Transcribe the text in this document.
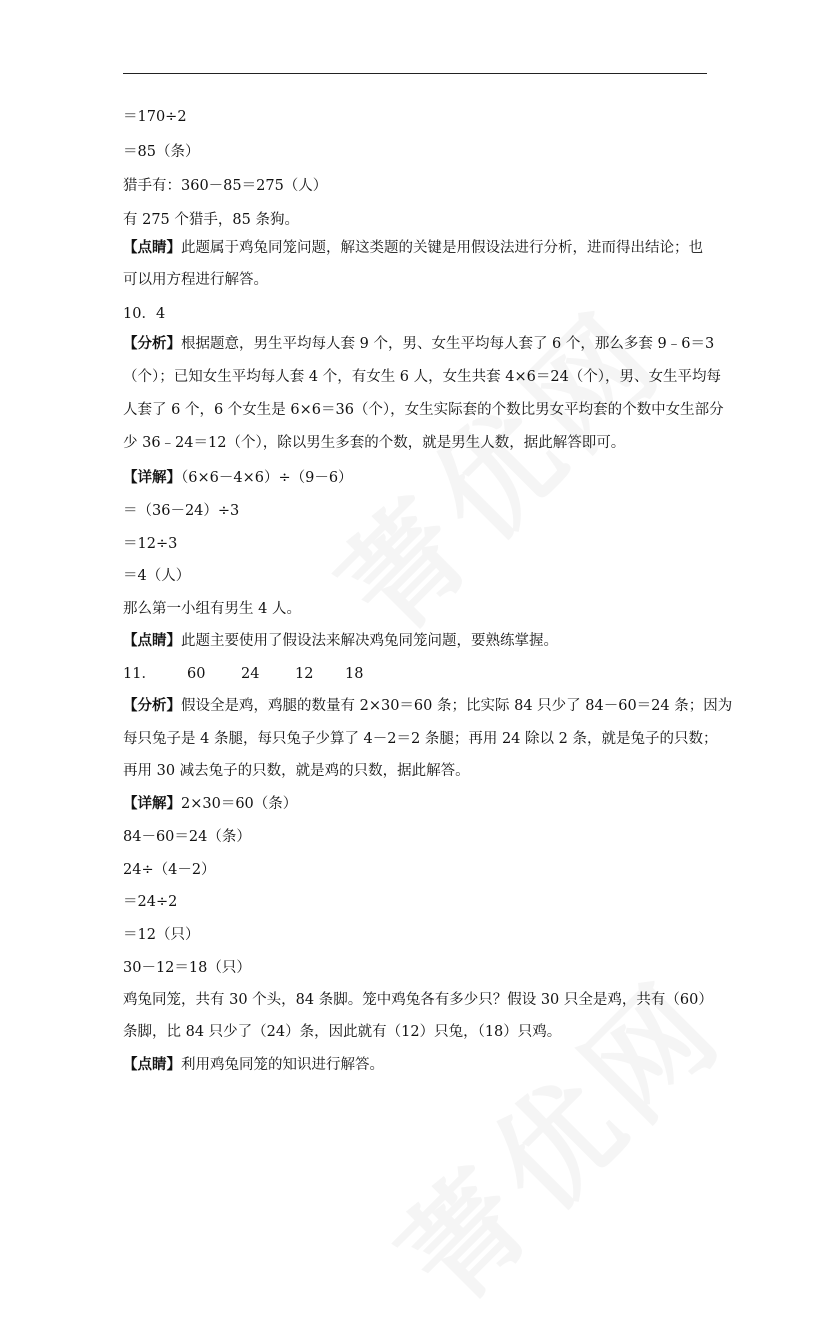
＝170÷2
＝85（条）
猎手有：360－85＝275（人）
有 275 个猎手，85 条狗。
【点睛】此题属于鸡兔同笼问题，解这类题的关键是用假设法进行分析，进而得出结论；也
可以用方程进行解答。
10．4
【分析】根据题意，男生平均每人套 9 个，男、女生平均每人套了 6 个，那么多套 9﹣6＝3
（个）；已知女生平均每人套 4 个，有女生 6 人，女生共套 4×6＝24（个），男、女生平均每
人套了 6 个，6 个女生是 6×6＝36（个），女生实际套的个数比男女平均套的个数中女生部分
少 36﹣24＝12（个），除以男生多套的个数，就是男生人数，据此解答即可。
【详解】（6×6－4×6）÷（9－6）
＝（36－24）÷3
＝12÷3
＝4（人）
那么第一小组有男生 4 人。
【点睛】此题主要使用了假设法来解决鸡兔同笼问题，要熟练掌握。
11． 60 24 12 18
【分析】假设全是鸡，鸡腿的数量有 2×30＝60 条；比实际 84 只少了 84－60＝24 条；因为
每只兔子是 4 条腿，每只兔子少算了 4－2＝2 条腿；再用 24 除以 2 条，就是兔子的只数；
再用 30 减去兔子的只数，就是鸡的只数，据此解答。
【详解】2×30＝60（条）
84－60＝24（条）
24÷（4－2）
＝24÷2
＝12（只）
30－12＝18（只）
鸡兔同笼，共有 30 个头，84 条脚。笼中鸡兔各有多少只？假设 30 只全是鸡，共有（60）
条脚，比 84 只少了（24）条，因此就有（12）只兔，（18）只鸡。
【点睛】利用鸡兔同笼的知识进行解答。
